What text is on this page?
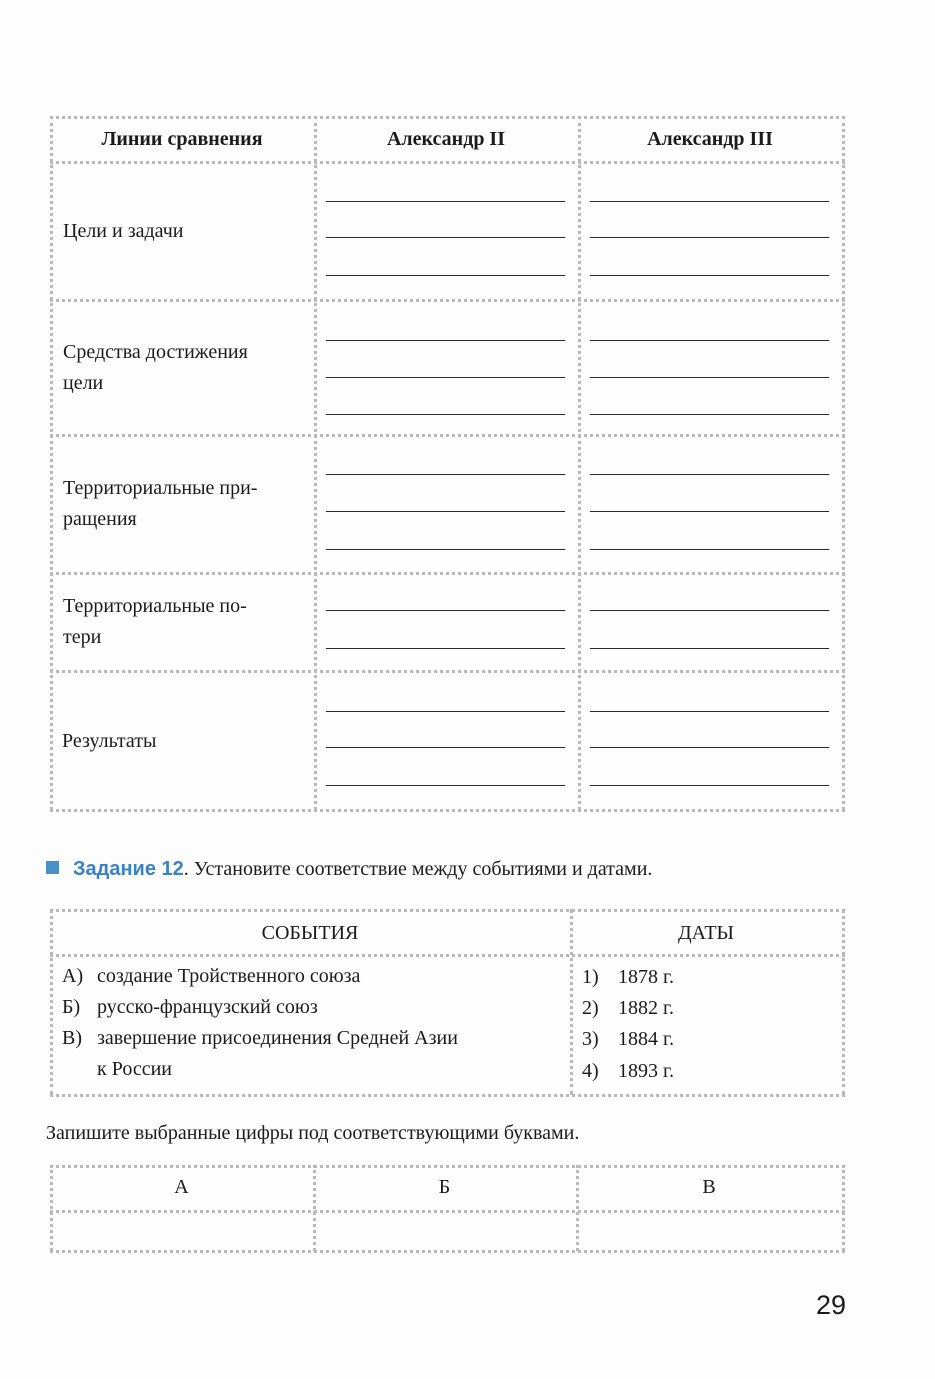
Линии сравнения	Александр II	Александр III
Цели и задачи
Средства достижения
цели
Территориальные при-
ращения
Территориальные по-
тери
Результаты
Задание 12. Установите соответствие между событиями и датами.
СОБЫТИЯ	ДАТЫ
А) создание Тройственного союза
Б) русско-французский союз
В) завершение присоединения Средней Азии
к России
1) 1878 г.
2) 1882 г.
3) 1884 г.
4) 1893 г.
Запишите выбранные цифры под соответствующими буквами.
А	Б	В
29
